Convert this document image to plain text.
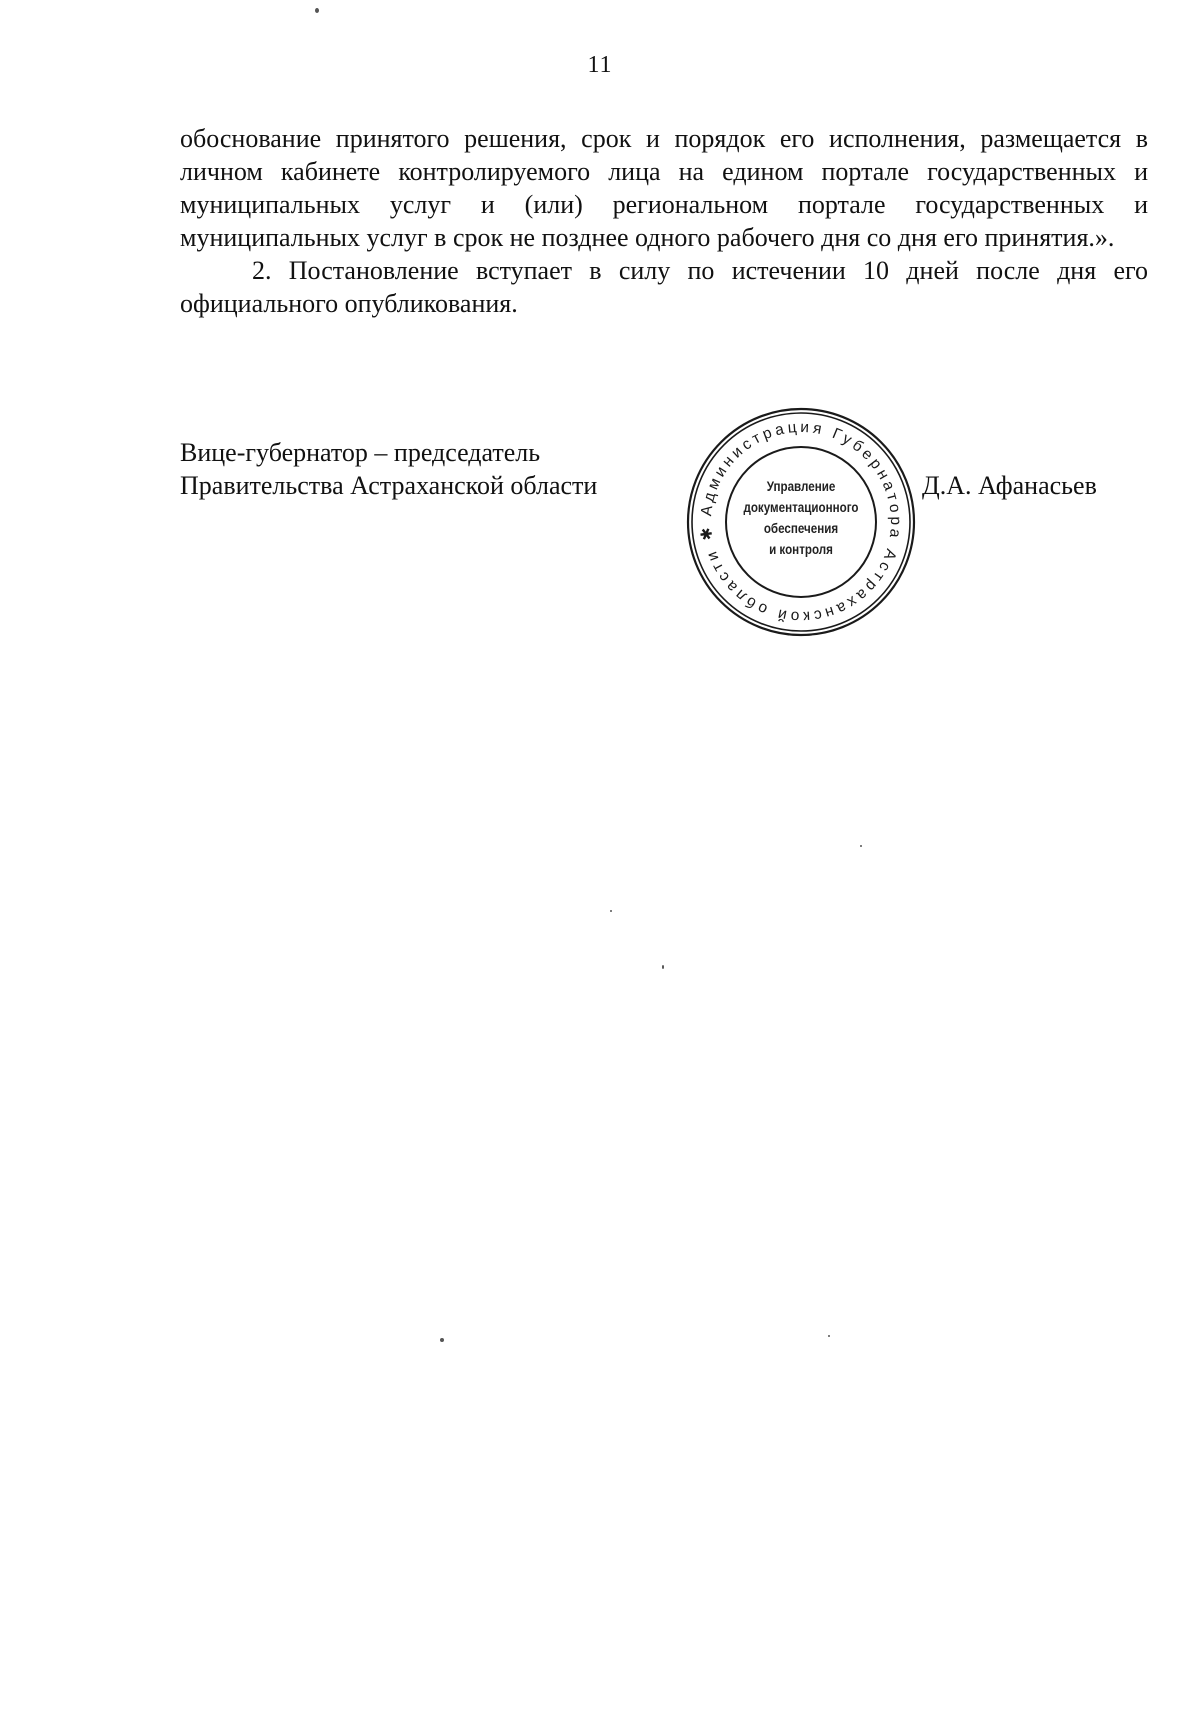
11

обоснование принятого решения, срок и порядок его исполнения, размещается в личном кабинете контролируемого лица на едином портале государственных и муниципальных услуг и (или) региональном портале государственных и муниципальных услуг в срок не позднее одного рабочего дня со дня его принятия.».

2. Постановление вступает в силу по истечении 10 дней после дня его официального опубликования.

Вице-губернатор – председатель
Правительства Астраханской области
Администрация Губернатора Астраханской области ✱
Управление
документационного
обеспечения
и контроля
Д.А. Афанасьев
